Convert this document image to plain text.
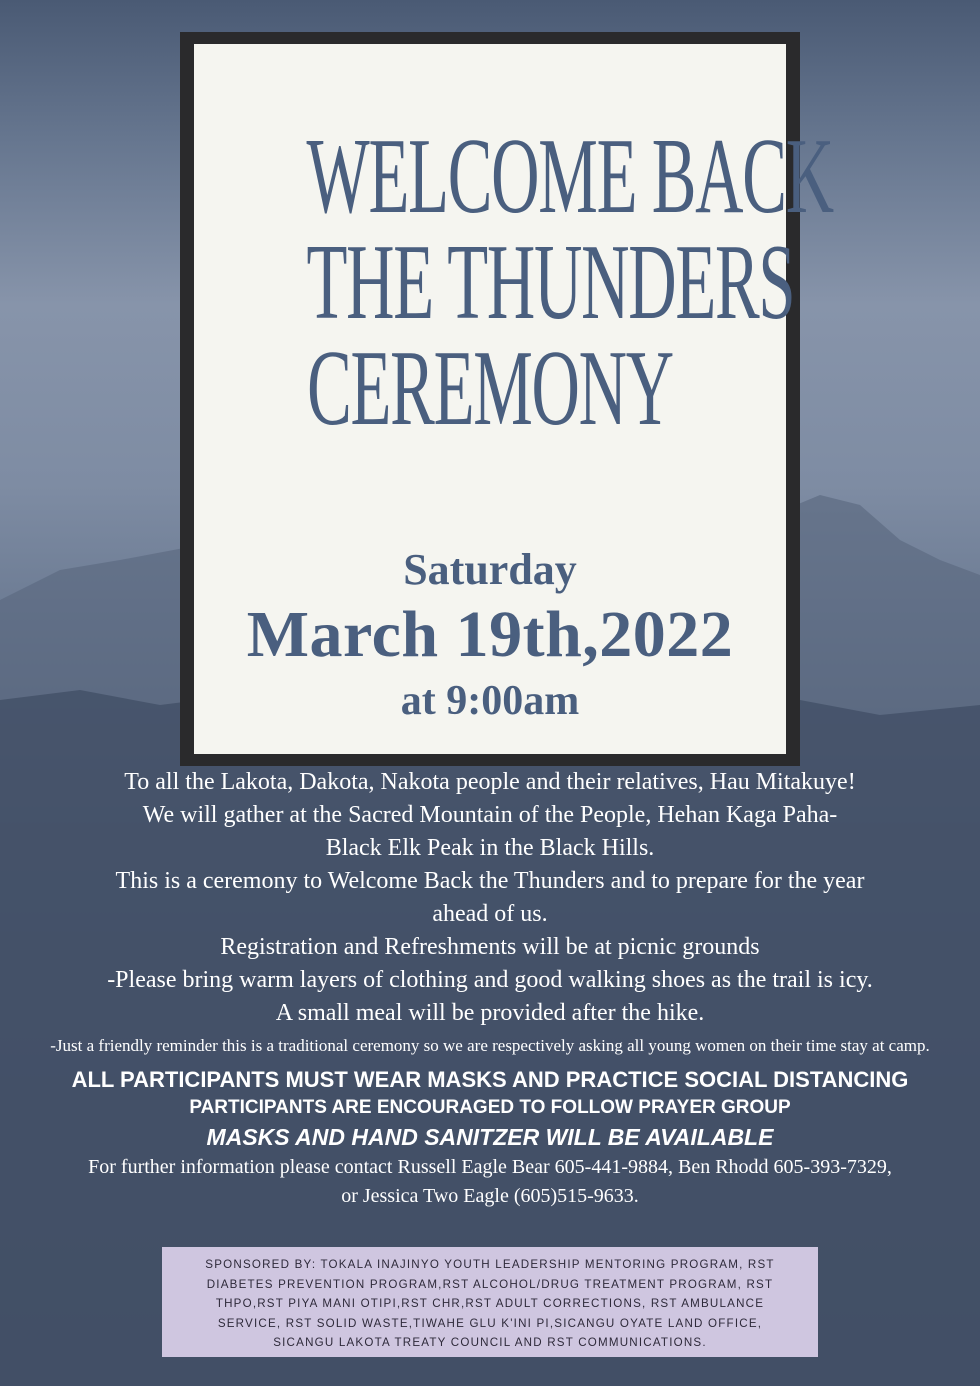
WELCOME BACK
THE THUNDERS
CEREMONY
Saturday
March 19th,2022
at 9:00am
To all the Lakota, Dakota, Nakota people and their relatives, Hau Mitakuye!
We will gather at the Sacred Mountain of the People, Hehan Kaga Paha-
Black Elk Peak in the Black Hills.
This is a ceremony to Welcome Back the Thunders and to prepare for the year
ahead of us.
Registration and Refreshments will be at picnic grounds
-Please bring warm layers of clothing and good walking shoes as the trail is icy.
A small meal will be provided after the hike.
-Just a friendly reminder this is a traditional ceremony so we are respectively asking all young women on their time stay at camp.
ALL PARTICIPANTS MUST WEAR MASKS AND PRACTICE SOCIAL DISTANCING
PARTICIPANTS ARE ENCOURAGED TO FOLLOW PRAYER GROUP
MASKS AND HAND SANITZER WILL BE AVAILABLE
For further information please contact Russell Eagle Bear 605-441-9884, Ben Rhodd 605-393-7329,
or Jessica Two Eagle (605)515-9633.
SPONSORED BY: TOKALA INAJINYO YOUTH LEADERSHIP MENTORING PROGRAM, RST DIABETES PREVENTION PROGRAM,RST ALCOHOL/DRUG TREATMENT PROGRAM, RST THPO,RST PIYA MANI OTIPI,RST CHR,RST ADULT CORRECTIONS, RST AMBULANCE SERVICE, RST SOLID WASTE,TIWAHE GLU K'INI PI,SICANGU OYATE LAND OFFICE, SICANGU LAKOTA TREATY COUNCIL AND RST COMMUNICATIONS.
